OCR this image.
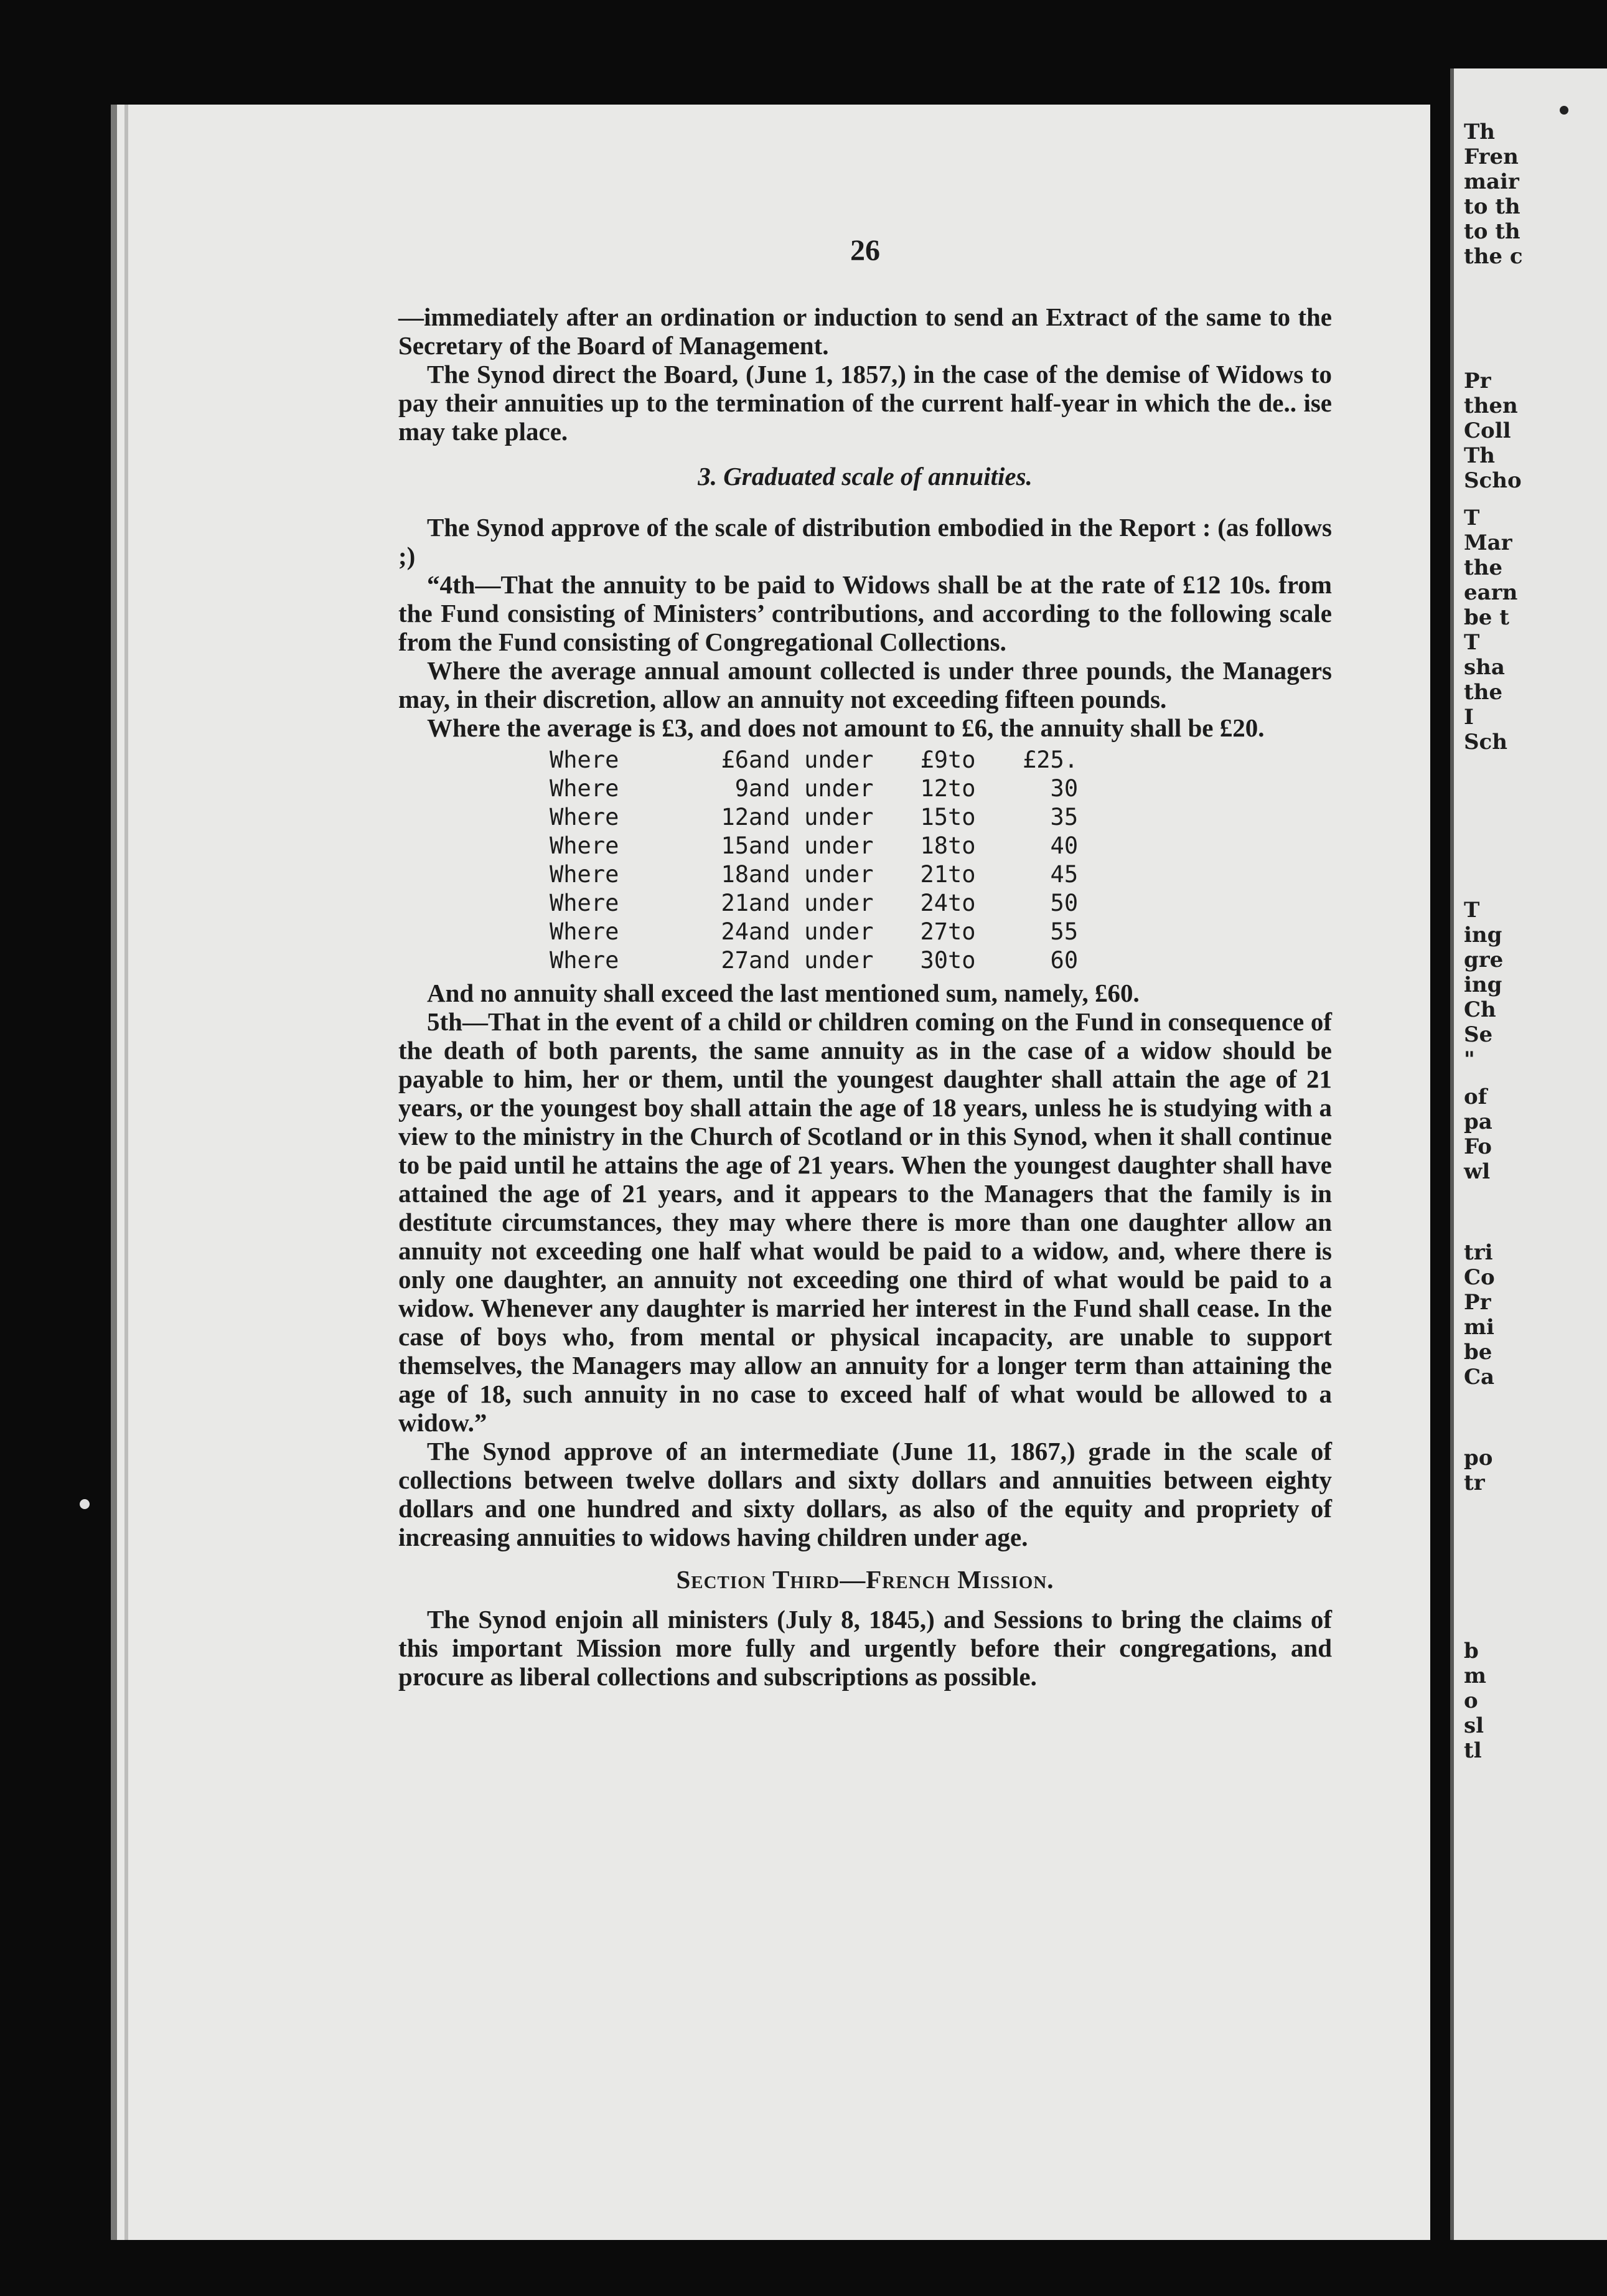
Th
Fren
mair
to th
to th
the c
Pr
then
Coll
Th
Scho
T
Mar
the
earn
be t
T
sha
the
I
Sch
T
ing
gre
ing
Ch
Se
"
of
pa
Fo
wl
tri
Co
Pr
mi
be
Ca
po
tr
b
m
o
sl
tl
26

—immediately after an ordination or induction to send an Extract of the same to the Secretary of the Board of Management.

The Synod direct the Board, (June 1, 1857,) in the case of the demise of Widows to pay their annuities up to the termination of the current half-year in which the de.. ise may take place.

3. Graduated scale of annuities.

The Synod approve of the scale of distribution embodied in the Report : (as follows ;)

“4th—That the annuity to be paid to Widows shall be at the rate of £12 10s. from the Fund consisting of Ministers’ contributions, and according to the following scale from the Fund consisting of Congregational Collections.

Where the average annual amount collected is under three pounds, the Managers may, in their discretion, allow an annuity not exceeding fifteen pounds.

Where the average is £3, and does not amount to £6, the annuity shall be £20.

Where	£6	and under	£9	to	£25.
Where	9	and under	12	to	30
Where	12	and under	15	to	35
Where	15	and under	18	to	40
Where	18	and under	21	to	45
Where	21	and under	24	to	50
Where	24	and under	27	to	55
Where	27	and under	30	to	60

And no annuity shall exceed the last mentioned sum, namely, £60.

5th—That in the event of a child or children coming on the Fund in consequence of the death of both parents, the same annuity as in the case of a widow should be payable to him, her or them, until the youngest daughter shall attain the age of 21 years, or the youngest boy shall attain the age of 18 years, unless he is studying with a view to the ministry in the Church of Scotland or in this Synod, when it shall continue to be paid until he attains the age of 21 years. When the youngest daughter shall have attained the age of 21 years, and it appears to the Managers that the family is in destitute circumstances, they may where there is more than one daughter allow an annuity not exceeding one half what would be paid to a widow, and, where there is only one daughter, an annuity not exceeding one third of what would be paid to a widow. Whenever any daughter is married her interest in the Fund shall cease. In the case of boys who, from mental or physical incapacity, are unable to support themselves, the Managers may allow an annuity for a longer term than attaining the age of 18, such annuity in no case to exceed half of what would be allowed to a widow.”

The Synod approve of an intermediate (June 11, 1867,) grade in the scale of collections between twelve dollars and sixty dollars and annuities between eighty dollars and one hundred and sixty dollars, as also of the equity and propriety of increasing annuities to widows having children under age.

Section Third—French Mission.

The Synod enjoin all ministers (July 8, 1845,) and Sessions to bring the claims of this important Mission more fully and urgently before their congregations, and procure as liberal collections and subscriptions as possible.
